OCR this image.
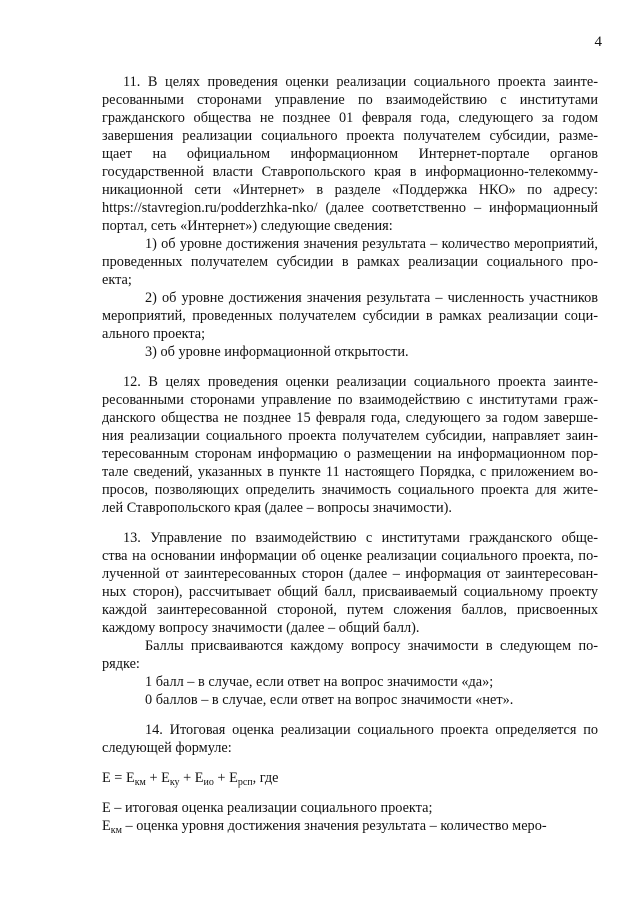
4
11. В целях проведения оценки реализации социального проекта заинте-
ресованными сторонами управление по взаимодействию с институтами
гражданского общества не позднее 01 февраля года, следующего за годом
завершения реализации социального проекта получателем субсидии, разме-
щает на официальном информационном Интернет-портале органов
государственной власти Ставропольского края в информационно-телекомму-
никационной сети «Интернет» в разделе «Поддержка НКО» по адресу:
https://stavregion.ru/podderzhka-nko/ (далее соответственно – информационный
портал, сеть «Интернет») следующие сведения:
1) об уровне достижения значения результата – количество мероприятий,
проведенных получателем субсидии в рамках реализации социального про-
екта;
2) об уровне достижения значения результата – численность участников
мероприятий, проведенных получателем субсидии в рамках реализации соци-
ального проекта;
3) об уровне информационной открытости.
12. В целях проведения оценки реализации социального проекта заинте-
ресованными сторонами управление по взаимодействию с институтами граж-
данского общества не позднее 15 февраля года, следующего за годом заверше-
ния реализации социального проекта получателем субсидии, направляет заин-
тересованным сторонам информацию о размещении на информационном пор-
тале сведений, указанных в пункте 11 настоящего Порядка, с приложением во-
просов, позволяющих определить значимость социального проекта для жите-
лей Ставропольского края (далее – вопросы значимости).
13. Управление по взаимодействию с институтами гражданского обще-
ства на основании информации об оценке реализации социального проекта, по-
лученной от заинтересованных сторон (далее – информация от заинтересован-
ных сторон), рассчитывает общий балл, присваиваемый социальному проекту
каждой заинтересованной стороной, путем сложения баллов, присвоенных
каждому вопросу значимости (далее – общий балл).
Баллы присваиваются каждому вопросу значимости в следующем по-
рядке:
1 балл – в случае, если ответ на вопрос значимости «да»;
0 баллов – в случае, если ответ на вопрос значимости «нет».
14. Итоговая оценка реализации социального проекта определяется по
следующей формуле:
$E = E_{км} + E_{ку} + E_{ио} + E_{рсп}$, где
E – итоговая оценка реализации социального проекта;
$E_{км}$ – оценка уровня достижения значения результата – количество меро-
